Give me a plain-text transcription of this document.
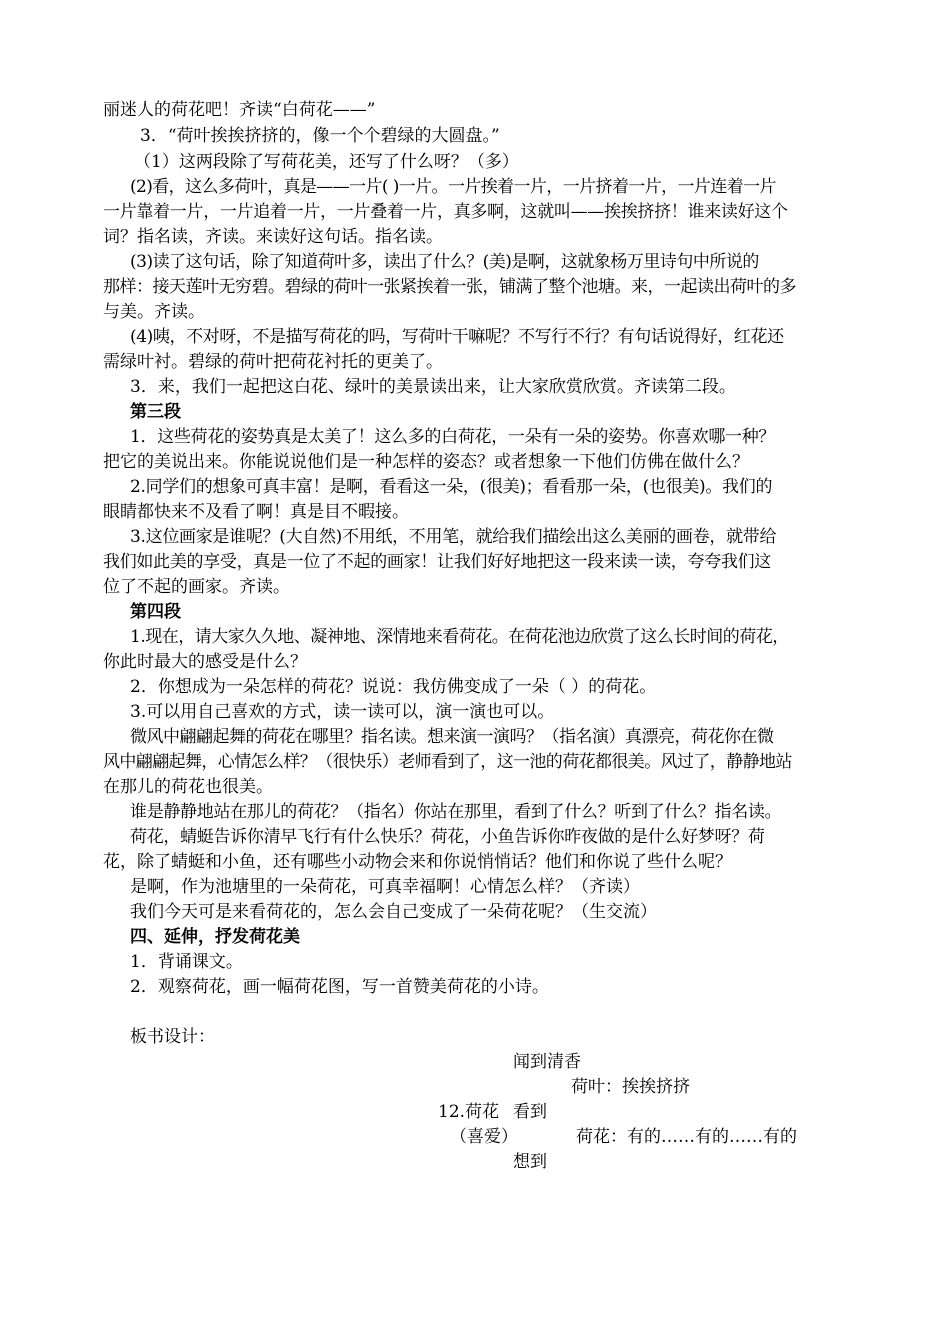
丽迷人的荷花吧！齐读“白荷花——”
3．“荷叶挨挨挤挤的，像一个个碧绿的大圆盘。”
（1）这两段除了写荷花美，还写了什么呀？（多）
(2)看，这么多荷叶，真是——一片( )一片。一片挨着一片，一片挤着一片，一片连着一片
一片靠着一片，一片追着一片，一片叠着一片，真多啊，这就叫——挨挨挤挤！谁来读好这个
词？指名读，齐读。来读好这句话。指名读。
(3)读了这句话，除了知道荷叶多，读出了什么？(美)是啊，这就象杨万里诗句中所说的
那样：接天莲叶无穷碧。碧绿的荷叶一张紧挨着一张，铺满了整个池塘。来，一起读出荷叶的多
与美。齐读。
(4)咦，不对呀，不是描写荷花的吗，写荷叶干嘛呢？不写行不行？有句话说得好，红花还
需绿叶衬。碧绿的荷叶把荷花衬托的更美了。
3．来，我们一起把这白花、绿叶的美景读出来，让大家欣赏欣赏。齐读第二段。
第三段
1．这些荷花的姿势真是太美了！这么多的白荷花，一朵有一朵的姿势。你喜欢哪一种？
把它的美说出来。你能说说他们是一种怎样的姿态？或者想象一下他们仿佛在做什么？
2.同学们的想象可真丰富！是啊，看看这一朵，(很美)；看看那一朵，(也很美)。我们的
眼睛都快来不及看了啊！真是目不暇接。
3.这位画家是谁呢？(大自然)不用纸，不用笔，就给我们描绘出这么美丽的画卷，就带给
我们如此美的享受，真是一位了不起的画家！让我们好好地把这一段来读一读，夸夸我们这
位了不起的画家。齐读。
第四段
1.现在，请大家久久地、凝神地、深情地来看荷花。在荷花池边欣赏了这么长时间的荷花，
你此时最大的感受是什么？
2．你想成为一朵怎样的荷花？说说：我仿佛变成了一朵（ ）的荷花。
3.可以用自己喜欢的方式，读一读可以，演一演也可以。
微风中翩翩起舞的荷花在哪里？指名读。想来演一演吗？（指名演）真漂亮，荷花你在微
风中翩翩起舞，心情怎么样？（很快乐）老师看到了，这一池的荷花都很美。风过了，静静地站
在那儿的荷花也很美。
谁是静静地站在那儿的荷花？（指名）你站在那里，看到了什么？听到了什么？指名读。
荷花，蜻蜓告诉你清早飞行有什么快乐？荷花，小鱼告诉你昨夜做的是什么好梦呀？荷
花，除了蜻蜓和小鱼，还有哪些小动物会来和你说悄悄话？他们和你说了些什么呢？
是啊，作为池塘里的一朵荷花，可真幸福啊！心情怎么样？（齐读）
我们今天可是来看荷花的，怎么会自己变成了一朵荷花呢？（生交流）
四、延伸，抒发荷花美
1．背诵课文。
2．观察荷花，画一幅荷花图，写一首赞美荷花的小诗。
板书设计：
闻到清香
荷叶：挨挨挤挤
12.荷花 看到
（喜爱）	荷花：有的……有的……有的
想到
